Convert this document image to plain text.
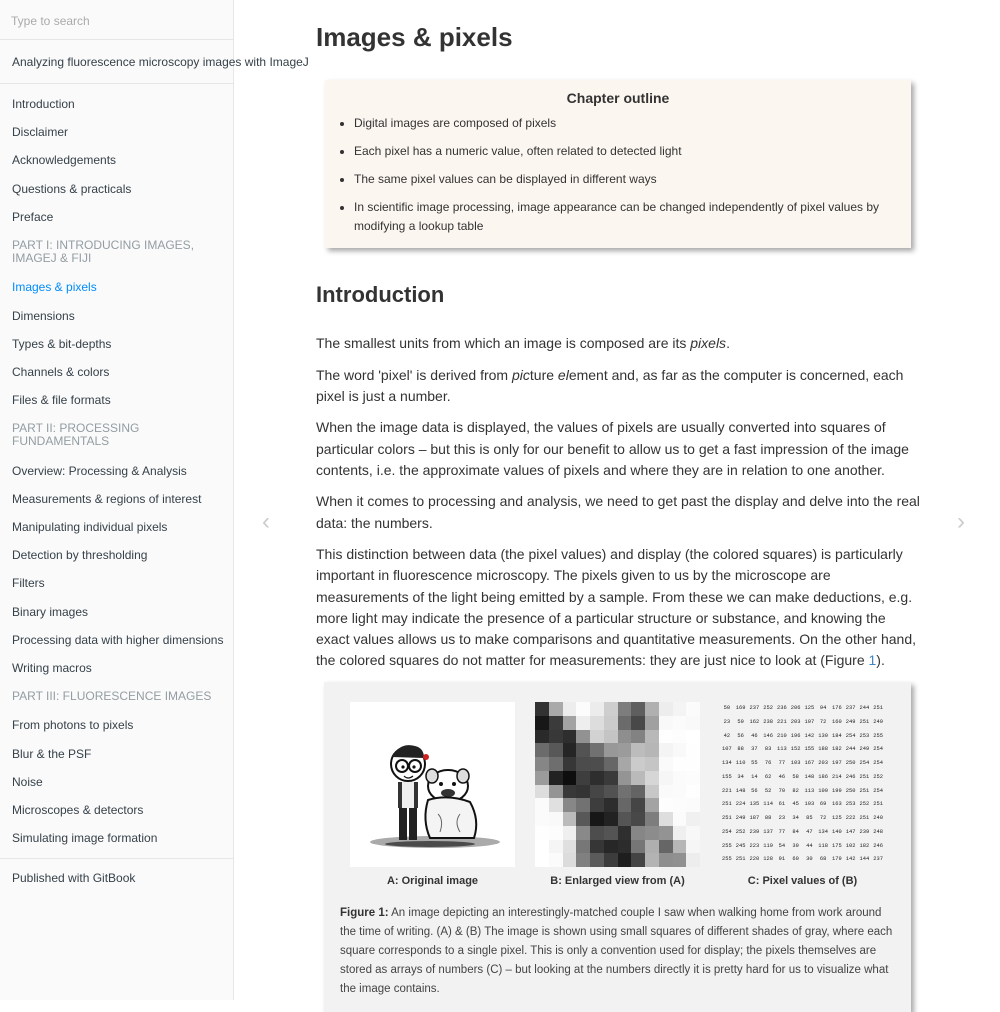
Type to search
Analyzing fluorescence microscopy images with ImageJ
Introduction
Disclaimer
Acknowledgements
Questions & practicals
Preface
PART I: INTRODUCING IMAGES, IMAGEJ & FIJI
Images & pixels
Dimensions
Types & bit-depths
Channels & colors
Files & file formats
PART II: PROCESSING FUNDAMENTALS
Overview: Processing & Analysis
Measurements & regions of interest
Manipulating individual pixels
Detection by thresholding
Filters
Binary images
Processing data with higher dimensions
Writing macros
PART III: FLUORESCENCE IMAGES
From photons to pixels
Blur & the PSF
Noise
Microscopes & detectors
Simulating image formation
Published with GitBook
‹	›
Images & pixels
Chapter outline
• Digital images are composed of pixels
• Each pixel has a numeric value, often related to detected light
• The same pixel values can be displayed in different ways
• In scientific image processing, image appearance can be changed independently of pixel values by modifying a lookup table
Introduction

The smallest units from which an image is composed are its pixels.

The word 'pixel' is derived from picture element and, as far as the computer is concerned, each pixel is just a number.

When the image data is displayed, the values of pixels are usually converted into squares of particular colors – but this is only for our benefit to allow us to get a fast impression of the image contents, i.e. the approximate values of pixels and where they are in relation to one another.

When it comes to processing and analysis, we need to get past the display and delve into the real data: the numbers.

This distinction between data (the pixel values) and display (the colored squares) is particularly important in fluorescence microscopy. The pixels given to us by the microscope are measurements of the light being emitted by a sample. From these we can make deductions, e.g. more light may indicate the presence of a particular structure or substance, and knowing the exact values allows us to make comparisons and quantitative measurements. On the other hand, the colored squares do not matter for measurements: they are just nice to look at (Figure 1).

50	169 237 252 236 206 125	94	176 237 244 251
23	59	162 238 221 203 107	72	160 249 251 249
42	56	46	146 210 196 142 130 184 254 253 255
107	88	37	83	113 152 155 188 182 244 249 254
134 110	55	76	77	103 167 203 197 250 254 254
155	34	14	62	46	58	148 186 214 246 251 252
221 148	56	52	70	82	113 100 199 250 251 254
251 224 135 114	61	45	103	69	163 253 252 251
251 249 187	88	23	34	85	72	125 222 251 240
254 252 239 137	77	84	47	134 140 147 239 248
255 245 223 119	54	39	44	118 175 102 182 246
255 251 220 128	91	60	30	68	179 142 144 237
A: Original image	B: Enlarged view from (A)	C: Pixel values of (B)
Figure 1: An image depicting an interestingly-matched couple I saw when walking home from work around the time of writing. (A) & (B) The image is shown using small squares of different shades of gray, where each square corresponds to a single pixel. This is only a convention used for display; the pixels themselves are stored as arrays of numbers (C) – but looking at the numbers directly it is pretty hard for us to visualize what the image contains.
